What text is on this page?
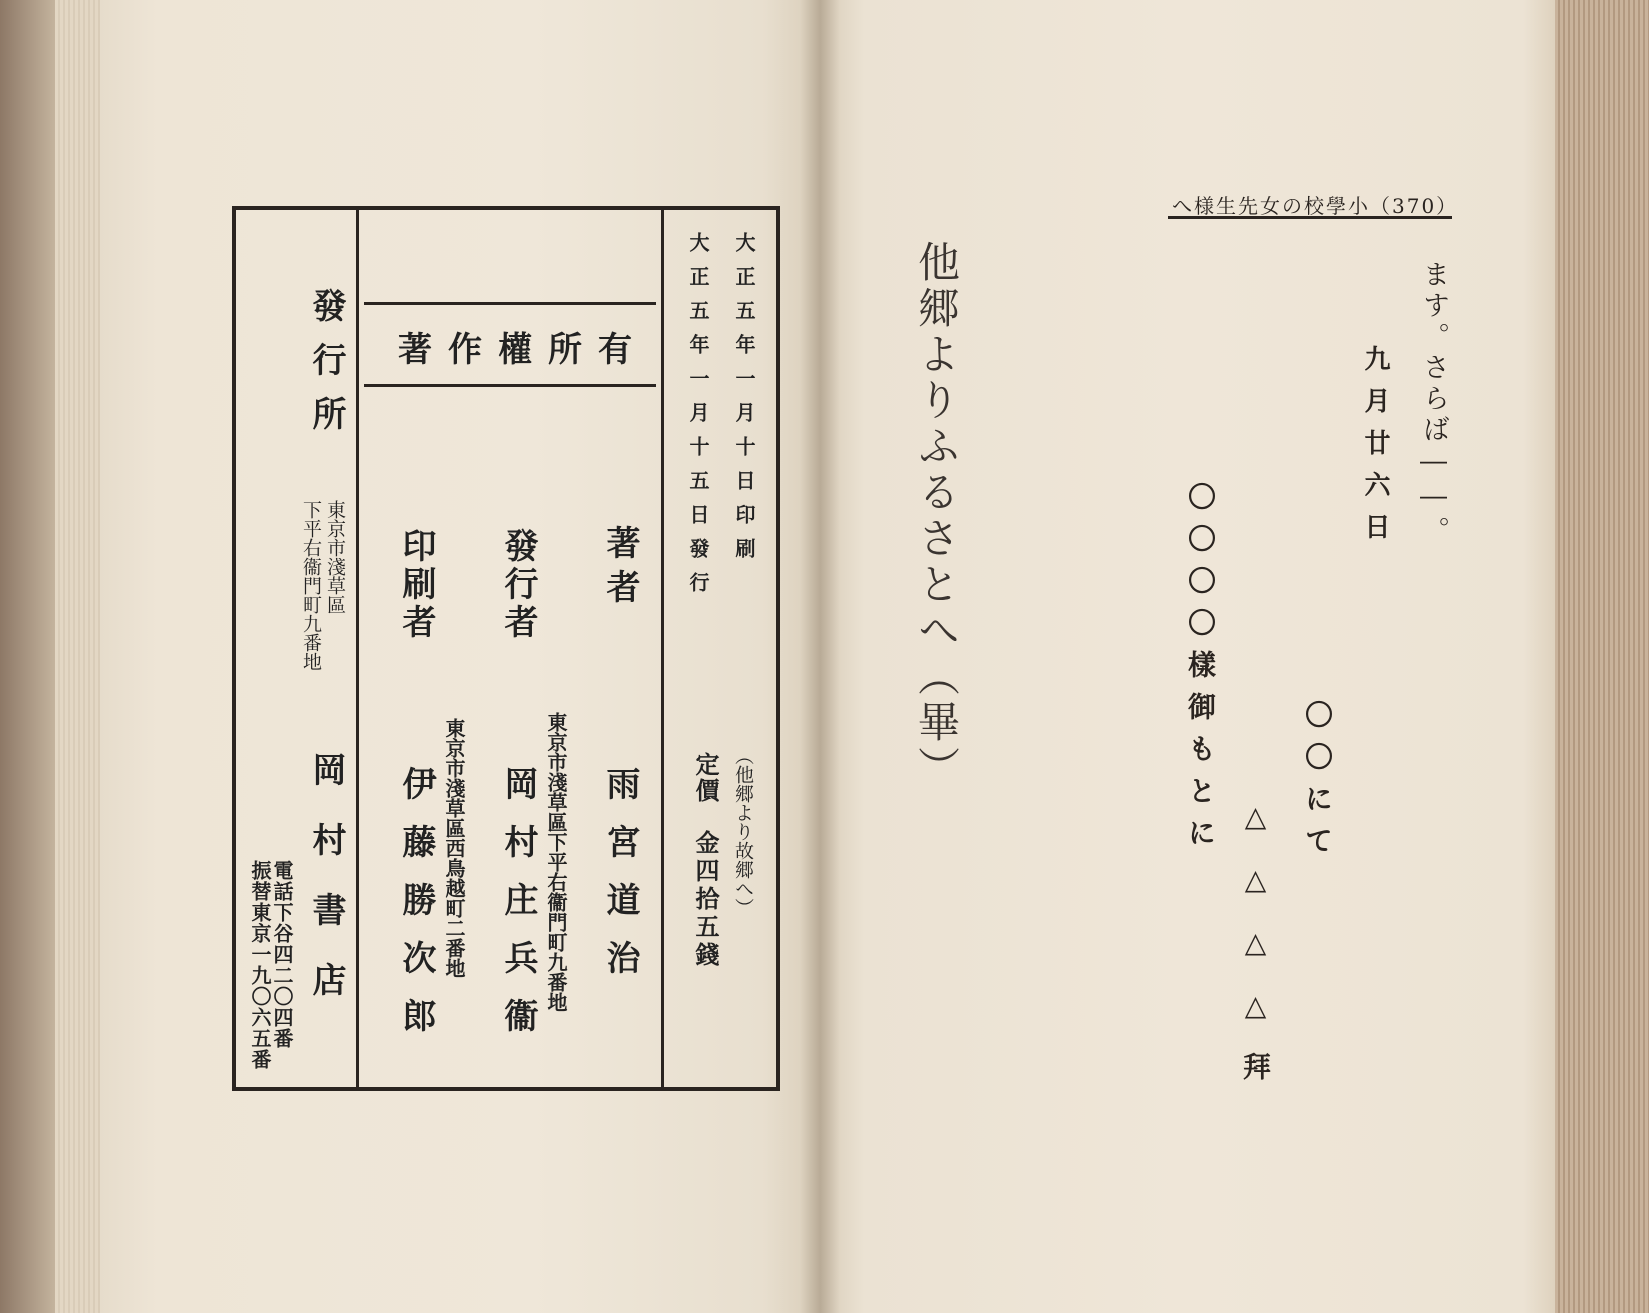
へ様生先女の校學小（370）
ます。さらば――。
九月廿六日
〇〇にて
△△△△拜
〇〇〇〇樣御もとに
他郷よりふるさとへ（畢）
著作權所有	大正五年一月十日印刷
大正五年一月十五日發行
（他郷より故郷へ）
定價
金四拾五錢
著者
雨宮道治
發行者
東京市淺草區下平右衞門町九番地
岡村庄兵衞
印刷者
東京市淺草區西鳥越町二番地
伊藤勝次郎
發行所
東京市淺草區
下平右衞門町九番地
岡村書店
電話下谷四二〇四番
振替東京一九〇六五番
